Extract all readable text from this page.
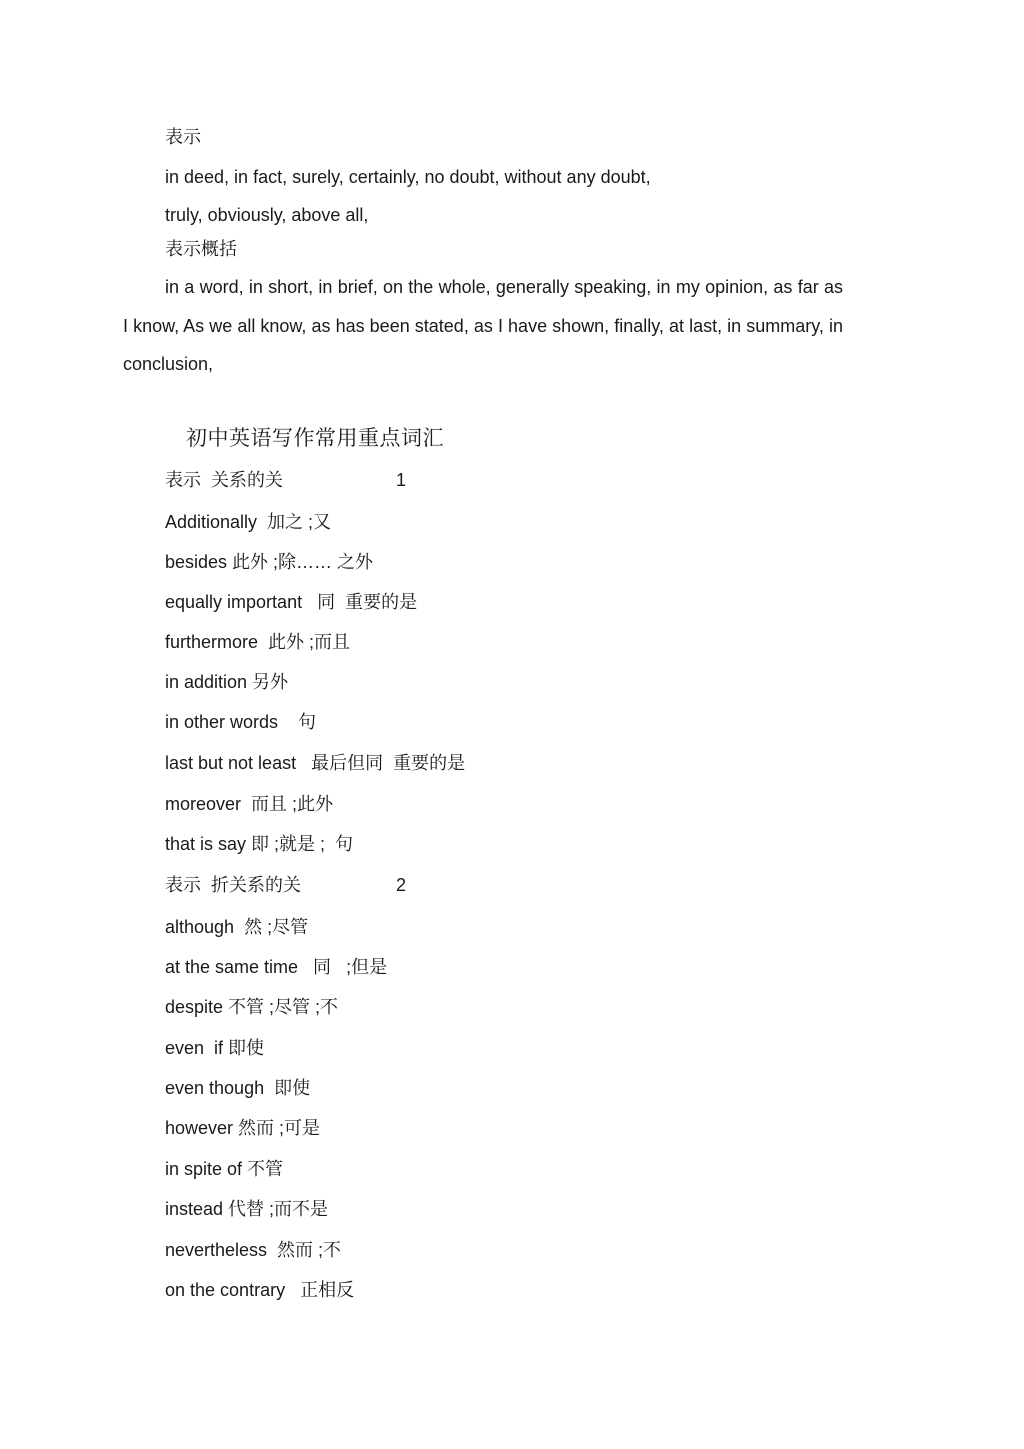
表示
in deed, in fact, surely, certainly, no doubt, without any doubt,
truly, obviously, above all,
表示概括
in a word, in short, in brief, on the whole, generally speaking, in my opinion, as far as I know, As we all know, as has been stated, as I have shown, finally, at last, in summary, in conclusion,
初中英语写作常用重点词汇
表示  关系的关	1
Additionally  加之 ;又
besides 此外 ;除…… 之外
equally important   同  重要的是
furthermore  此外 ;而且
in addition 另外
in other words    句
last but not least   最后但同  重要的是
moreover  而且 ;此外
that is say 即 ;就是 ;  句
表示  折关系的关	2
although  然 ;尽管
at the same time   同   ;但是
despite 不管 ;尽管 ;不
even  if 即使
even though  即使
however 然而 ;可是
in spite of 不管
instead 代替 ;而不是
nevertheless  然而 ;不
on the contrary   正相反
